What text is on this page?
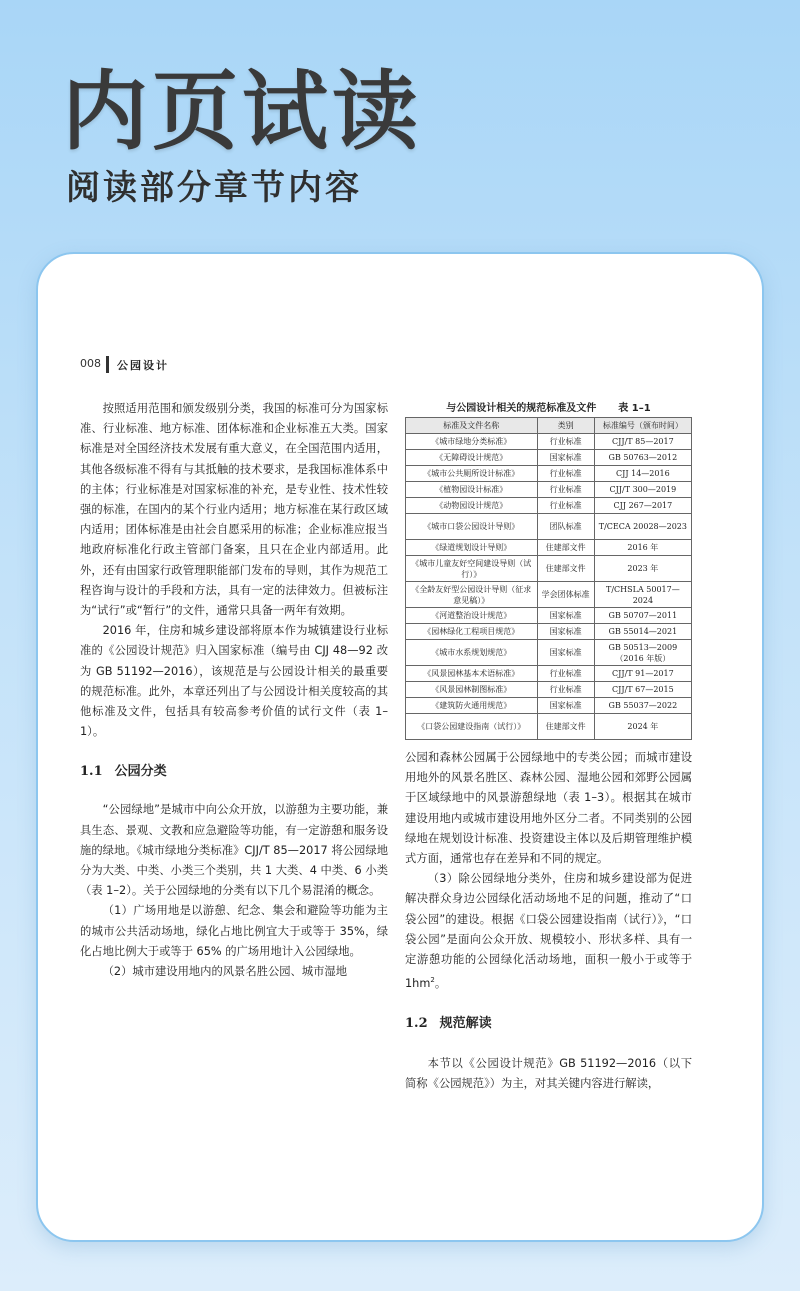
内页试读
阅读部分章节内容
008 公园设计

按照适用范围和颁发级别分类，我国的标准可分为国家标准、行业标准、地方标准、团体标准和企业标准五大类。国家标准是对全国经济技术发展有重大意义，在全国范围内适用，其他各级标准不得有与其抵触的技术要求，是我国标准体系中的主体；行业标准是对国家标准的补充，是专业性、技术性较强的标准，在国内的某个行业内适用；地方标准在某行政区域内适用；团体标准是由社会自愿采用的标准；企业标准应报当地政府标准化行政主管部门备案，且只在企业内部适用。此外，还有由国家行政管理职能部门发布的导则，其作为规范工程咨询与设计的手段和方法，具有一定的法律效力。但被标注为“试行”或“暂行”的文件，通常只具备一两年有效期。

2016 年，住房和城乡建设部将原本作为城镇建设行业标准的《公园设计规范》归入国家标准（编号由 CJJ 48—92 改为 GB 51192—2016），该规范是与公园设计相关的最重要的规范标准。此外，本章还列出了与公园设计相关度较高的其他标准及文件，包括具有较高参考价值的试行文件（表 1–1）。

1.1 公园分类

“公园绿地”是城市中向公众开放，以游憩为主要功能，兼具生态、景观、文教和应急避险等功能，有一定游憩和服务设施的绿地。《城市绿地分类标准》CJJ/T 85—2017 将公园绿地分为大类、中类、小类三个类别，共 1 大类、4 中类、6 小类（表 1–2）。关于公园绿地的分类有以下几个易混淆的概念。

（1）广场用地是以游憩、纪念、集会和避险等功能为主的城市公共活动场地，绿化占地比例宜大于或等于 35%，绿化占地比例大于或等于 65% 的广场用地计入公园绿地。

（2）城市建设用地内的风景名胜公园、城市湿地

与公园设计相关的规范标准及文件 表 1–1
标准及文件名称	类别	标准编号（颁布时间）
《城市绿地分类标准》	行业标准	CJJ/T 85—2017
《无障碍设计规范》	国家标准	GB 50763—2012
《城市公共厕所设计标准》	行业标准	CJJ 14—2016
《植物园设计标准》	行业标准	CJJ/T 300—2019
《动物园设计规范》	行业标准	CJJ 267—2017
《城市口袋公园设计导则》	团队标准	T/CECA 20028—2023
《绿道规划设计导则》	住建部文件	2016 年
《城市儿童友好空间建设导则（试行）》	住建部文件	2023 年
《全龄友好型公园设计导则（征求意见稿）》	学会团体标准	T/CHSLA 50017—2024
《河道整治设计规范》	国家标准	GB 50707—2011
《园林绿化工程项目规范》	国家标准	GB 55014—2021
《城市水系规划规范》	国家标准	GB 50513—2009（2016 年版）
《风景园林基本术语标准》	行业标准	CJJ/T 91—2017
《风景园林制图标准》	行业标准	CJJ/T 67—2015
《建筑防火通用规范》	国家标准	GB 55037—2022
《口袋公园建设指南（试行）》	住建部文件	2024 年

公园和森林公园属于公园绿地中的专类公园；而城市建设用地外的风景名胜区、森林公园、湿地公园和郊野公园属于区域绿地中的风景游憩绿地（表 1–3）。根据其在城市建设用地内或城市建设用地外区分二者。不同类别的公园绿地在规划设计标准、投资建设主体以及后期管理维护模式方面，通常也存在差异和不同的规定。

（3）除公园绿地分类外，住房和城乡建设部为促进解决群众身边公园绿化活动场地不足的问题，推动了“口袋公园”的建设。根据《口袋公园建设指南（试行）》，“口袋公园”是面向公众开放、规模较小、形状多样、具有一定游憩功能的公园绿化活动场地，面积一般小于或等于 $1hm^2$。

1.2 规范解读

本节以《公园设计规范》GB 51192—2016（以下简称《公园规范》）为主，对其关键内容进行解读，
